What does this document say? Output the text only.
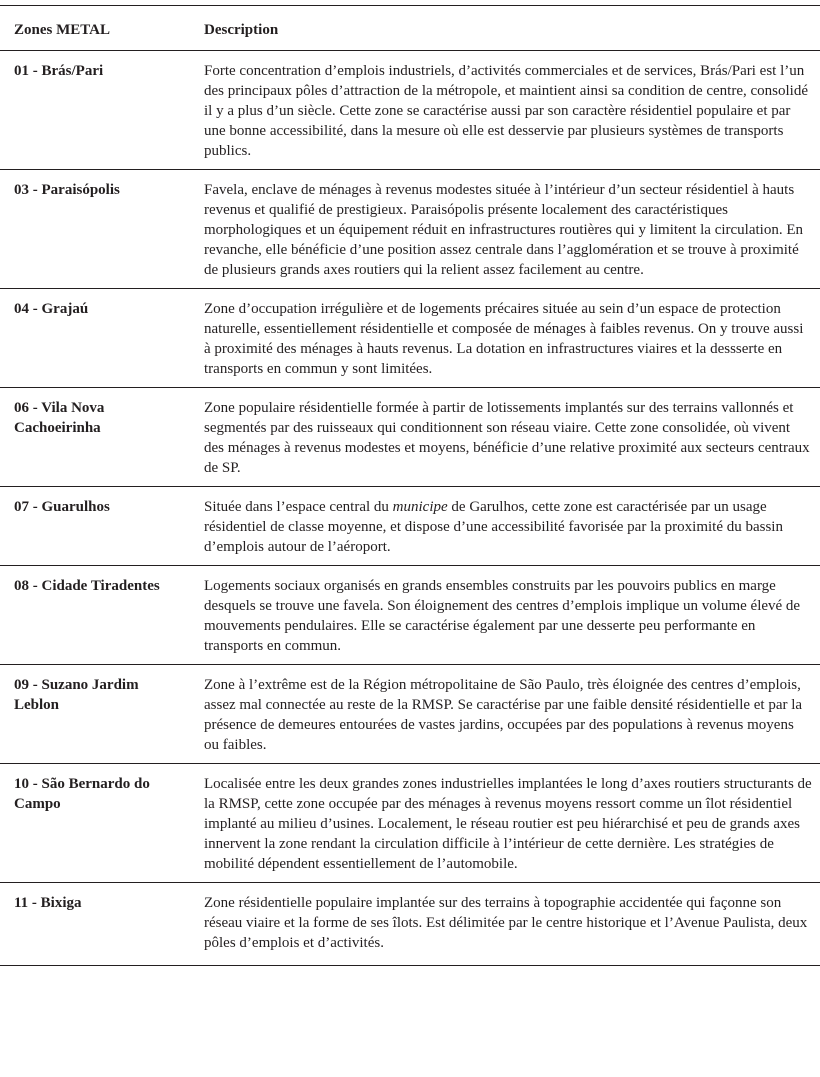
Zones METAL	Description
01 - Brás/Pari	Forte concentration d’emplois industriels, d’activités commerciales et de services, Brás/Pari est l’un des principaux pôles d’attraction de la métropole, et maintient ainsi sa condition de centre, consolidé il y a plus d’un siècle. Cette zone se caractérise aussi par son caractère résidentiel populaire et par une bonne accessibilité, dans la mesure où elle est desservie par plusieurs systèmes de transports publics.
03 - Paraisópolis	Favela, enclave de ménages à revenus modestes située à l’intérieur d’un secteur résidentiel à hauts revenus et qualifié de prestigieux. Paraisópolis présente localement des caractéristiques morphologiques et un équipement réduit en infrastructures routières qui y limitent la circulation. En revanche, elle bénéficie d’une position assez centrale dans l’agglomération et se trouve à proximité de plusieurs grands axes routiers qui la relient assez facilement au centre.
04 - Grajaú	Zone d’occupation irrégulière et de logements précaires située au sein d’un espace de protection naturelle, essentiellement résidentielle et composée de ménages à faibles revenus. On y trouve aussi à proximité des ménages à hauts revenus. La dotation en infrastructures viaires et la dessserte en transports en commun y sont limitées.
06 - Vila Nova Cachoeirinha	Zone populaire résidentielle formée à partir de lotissements implantés sur des terrains vallonnés et segmentés par des ruisseaux qui conditionnent son réseau viaire. Cette zone consolidée, où vivent des ménages à revenus modestes et moyens, bénéficie d’une relative proximité aux secteurs centraux de SP.
07 - Guarulhos	Située dans l’espace central du municipe de Garulhos, cette zone est caractérisée par un usage résidentiel de classe moyenne, et dispose d’une accessibilité favorisée par la proximité du bassin d’emplois autour de l’aéroport.
08 - Cidade Tiradentes	Logements sociaux organisés en grands ensembles construits par les pouvoirs publics en marge desquels se trouve une favela. Son éloignement des centres d’emplois implique un volume élevé de mouvements pendulaires. Elle se caractérise également par une desserte peu performante en transports en commun.
09 - Suzano Jardim Leblon	Zone à l’extrême est de la Région métropolitaine de São Paulo, très éloignée des centres d’emplois, assez mal connectée au reste de la RMSP. Se caractérise par une faible densité résidentielle et par la présence de demeures entourées de vastes jardins, occupées par des populations à revenus moyens ou faibles.
10 - São Bernardo do Campo	Localisée entre les deux grandes zones industrielles implantées le long d’axes routiers structurants de la RMSP, cette zone occupée par des ménages à revenus moyens ressort comme un îlot résidentiel implanté au milieu d’usines. Localement, le réseau routier est peu hiérarchisé et peu de grands axes innervent la zone rendant la circulation difficile à l’intérieur de cette dernière. Les stratégies de mobilité dépendent essentiellement de l’automobile.
11 - Bixiga	Zone résidentielle populaire implantée sur des terrains à topographie accidentée qui façonne son réseau viaire et la forme de ses îlots. Est délimitée par le centre historique et l’Avenue Paulista, deux pôles d’emplois et d’activités.
